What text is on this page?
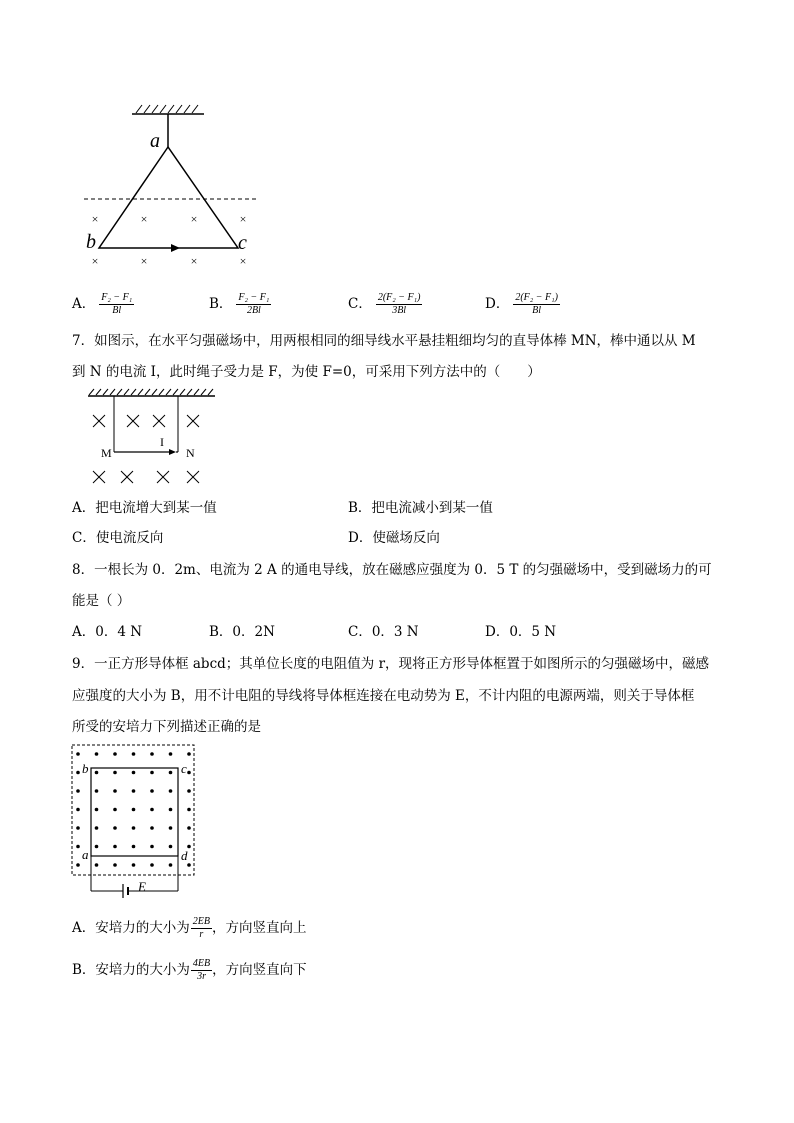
×	×	×	×
×	×	×	×
a
b	c
A． $\frac{\text{F₂ − F₁}}{Bl}$	B． $\frac{\text{F₂ − F₁}}{2Bl}$	C． $\frac{\text{2(F₂ − F₁)}}{3Bl}$	D． $\frac{\text{2(F₂ − F₁)}}{Bl}$
7．如图示，在水平匀强磁场中，用两根相同的细导线水平悬挂粗细均匀的直导体棒 MN，棒中通以从 M
到 N 的电流 I，此时绳子受力是 F，为使 F=0，可采用下列方法中的（　　）
M	N
I
A．把电流增大到某一值	B．把电流减小到某一值
C．使电流反向	D．使磁场反向
8．一根长为 0．2m、电流为 2 A 的通电导线，放在磁感应强度为 0．5 T 的匀强磁场中，受到磁场力的可
能是（ ）
A．0．4 N	B．0．2N	C．0．3 N	D．0．5 N
9．一正方形导体框 abcd；其单位长度的电阻值为 r，现将正方形导体框置于如图所示的匀强磁场中，磁感
应强度的大小为 B，用不计电阻的导线将导体框连接在电动势为 E，不计内阻的电源两端，则关于导体框
所受的安培力下列描述正确的是
b	c
a	d
E
A．安培力的大小为 $\frac{2EB}{r}$ ，方向竖直向上
B．安培力的大小为 $\frac{4EB}{3r}$ ，方向竖直向下
